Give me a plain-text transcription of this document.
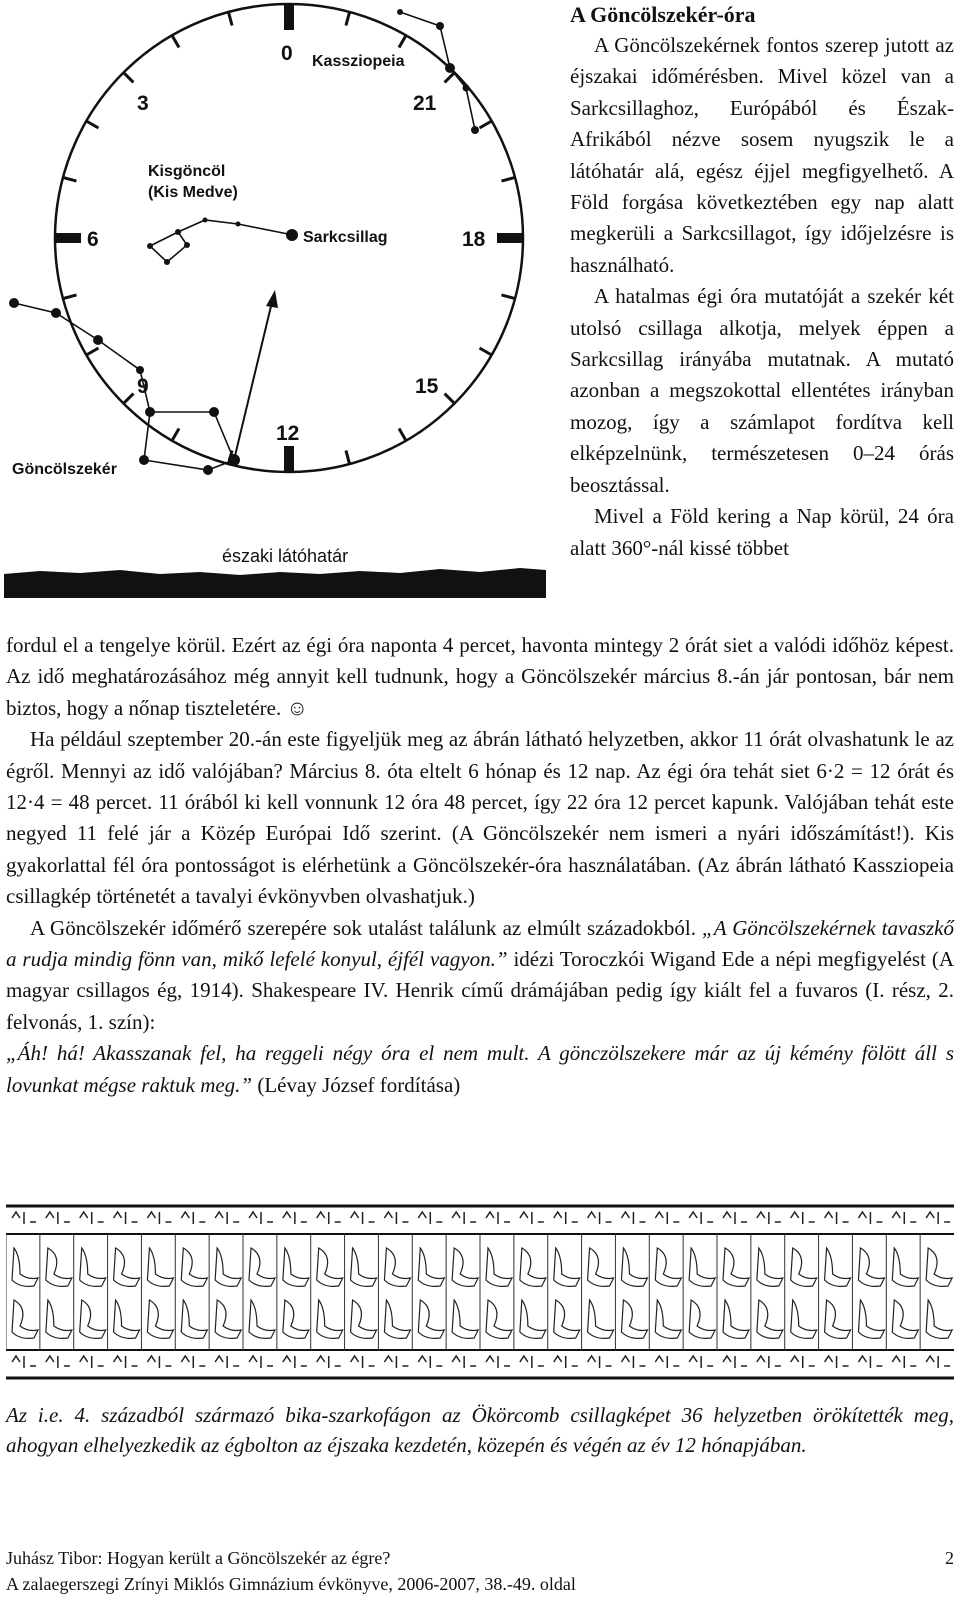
0
3
6
9
12
15
18
21
Kassziopeia
Kisgöncöl
(Kis Medve)
Sarkcsillag
Göncölszekér
északi látóhatár
A Göncölszekér-óra

A Göncölszekérnek fontos szerep jutott az éjszakai időmérésben. Mivel közel van a Sarkcsillaghoz, Európából és Észak-Afrikából nézve sosem nyugszik le a látóhatár alá, egész éjjel megfigyelhető. A Föld forgása következtében egy nap alatt megkerüli a Sarkcsillagot, így időjelzésre is használható.

A hatalmas égi óra mutatóját a szekér két utolsó csillaga alkotja, melyek éppen a Sarkcsillag irányába mutatnak. A mutató azonban a megszokottal ellentétes irányban mozog, így a számlapot fordítva kell elképzelnünk, természetesen 0–24 órás beosztással.

Mivel a Föld kering a Nap körül, 24 óra alatt 360°-nál kissé többet

fordul el a tengelye körül. Ezért az égi óra naponta 4 percet, havonta mintegy 2 órát siet a valódi időhöz képest. Az idő meghatározásához még annyit kell tudnunk, hogy a Göncölszekér március 8.-án jár pontosan, bár nem biztos, hogy a nőnap tiszteletére. ☺

Ha például szeptember 20.-án este figyeljük meg az ábrán látható helyzetben, akkor 11 órát olvashatunk le az égről. Mennyi az idő valójában? Március 8. óta eltelt 6 hónap és 12 nap. Az égi óra tehát siet 6·2 = 12 órát és 12·4 = 48 percet. 11 órából ki kell vonnunk 12 óra 48 percet, így 22 óra 12 percet kapunk. Valójában tehát este negyed 11 felé jár a Közép Európai Idő szerint. (A Göncölszekér nem ismeri a nyári időszámítást!). Kis gyakorlattal fél óra pontosságot is elérhetünk a Göncölszekér-óra használatában. (Az ábrán látható Kassziopeia csillagkép történetét a tavalyi évkönyvben olvashatjuk.)

A Göncölszekér időmérő szerepére sok utalást találunk az elmúlt századokból. „A Göncölszekérnek tavaszkő a rudja mindig fönn van, mikő lefelé konyul, éjfél vagyon.” idézi Toroczkói Wigand Ede a népi megfigyelést (A magyar csillagos ég, 1914). Shakespeare IV. Henrik című drámájában pedig így kiált fel a fuvaros (I. rész, 2. felvonás, 1. szín):

„Áh! há! Akasszanak fel, ha reggeli négy óra el nem mult. A gönczölszekere már az új kémény fölött áll s lovunkat mégse raktuk meg.” (Lévay József fordítása)

Az i.e. 4. századból származó bika-szarkofágon az Ökörcomb csillagképet 36 helyzetben örökítették meg, ahogyan elhelyezkedik az égbolton az éjszaka kezdetén, közepén és végén az év 12 hónapjában.
Juhász Tibor: Hogyan került a Göncölszekér az égre?	2
A zalaegerszegi Zrínyi Miklós Gimnázium évkönyve, 2006-2007, 38.-49. oldal
